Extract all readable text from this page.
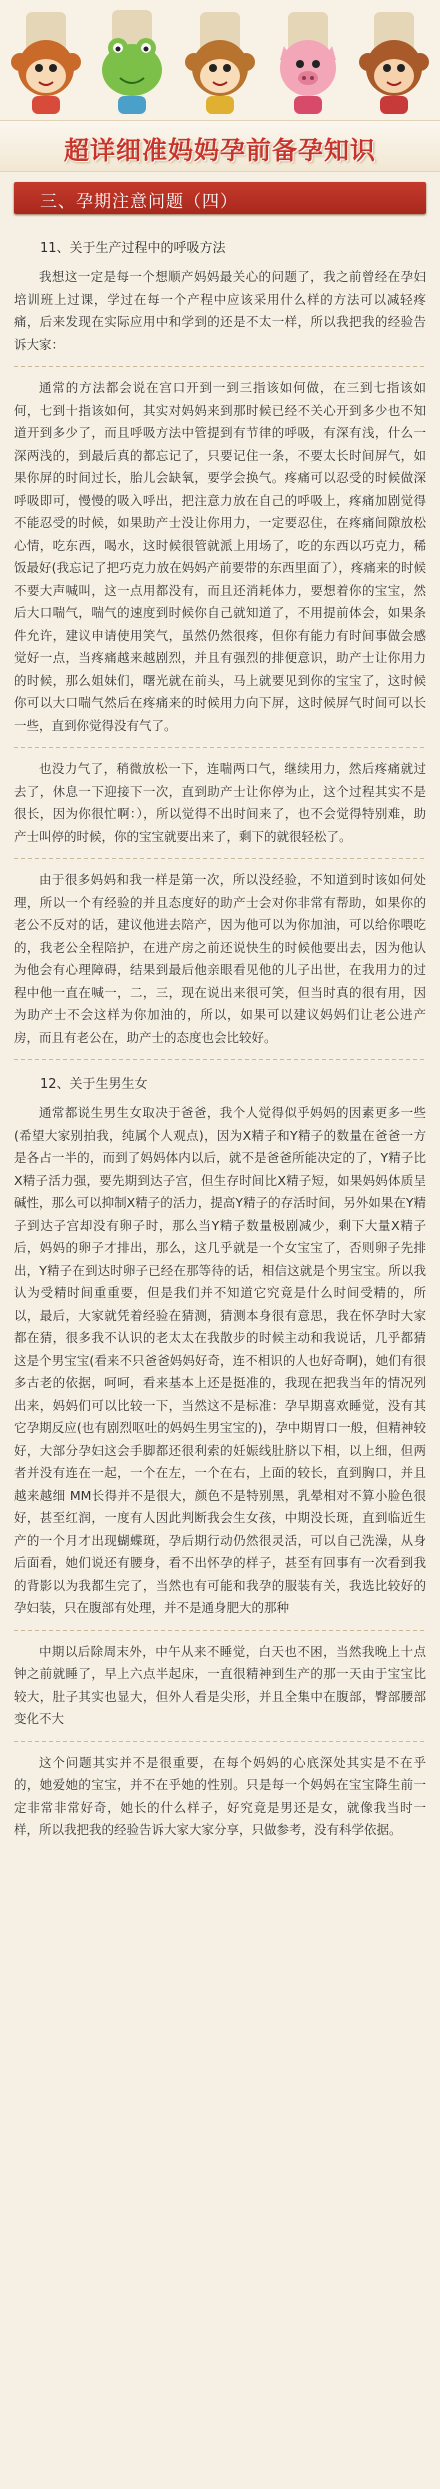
超详细准妈妈孕前备孕知识
三、孕期注意问题（四）
11、关于生产过程中的呼吸方法

我想这一定是每一个想顺产妈妈最关心的问题了，我之前曾经在孕妇培训班上过课，学过在每一个产程中应该采用什么样的方法可以减轻疼痛，后来发现在实际应用中和学到的还是不太一样，所以我把我的经验告诉大家：

通常的方法都会说在宫口开到一到三指该如何做，在三到七指该如何，七到十指该如何，其实对妈妈来到那时候已经不关心开到多少也不知道开到多少了，而且呼吸方法中管提到有节律的呼吸，有深有浅，什么一深两浅的，到最后真的都忘记了，只要记住一条，不要太长时间屏气，如果你屏的时间过长，胎儿会缺氧，要学会换气。疼痛可以忍受的时候做深呼吸即可，慢慢的吸入呼出，把注意力放在自己的呼吸上，疼痛加剧觉得不能忍受的时候，如果助产士没让你用力，一定要忍住，在疼痛间隙放松心情，吃东西，喝水，这时候很管就派上用场了，吃的东西以巧克力，稀饭最好(我忘记了把巧克力放在妈妈产前要带的东西里面了），疼痛来的时候不要大声喊叫，这一点用都没有，而且还消耗体力，要想着你的宝宝，然后大口喘气，喘气的速度到时候你自己就知道了，不用提前体会，如果条件允许，建议申请使用笑气，虽然仍然很疼，但你有能力有时间事做会感觉好一点，当疼痛越来越剧烈，并且有强烈的排便意识，助产士让你用力的时候，那么姐妹们，曙光就在前头，马上就要见到你的宝宝了，这时候你可以大口喘气然后在疼痛来的时候用力向下屏，这时候屏气时间可以长一些，直到你觉得没有气了。

也没力气了，稍微放松一下，连喘两口气，继续用力，然后疼痛就过去了，休息一下迎接下一次，直到助产士让你停为止，这个过程其实不是很长，因为你很忙啊：），所以觉得不出时间来了，也不会觉得特别难，助产士叫停的时候，你的宝宝就要出来了，剩下的就很轻松了。

由于很多妈妈和我一样是第一次，所以没经验，不知道到时该如何处理，所以一个有经验的并且态度好的助产士会对你非常有帮助，如果你的老公不反对的话，建议他进去陪产，因为他可以为你加油，可以给你喂吃的，我老公全程陪护，在进产房之前还说快生的时候他要出去，因为他认为他会有心理障碍，结果到最后他亲眼看见他的儿子出世，在我用力的过程中他一直在喊一，二，三，现在说出来很可笑，但当时真的很有用，因为助产士不会这样为你加油的，所以，如果可以建议妈妈们让老公进产房，而且有老公在，助产士的态度也会比较好。

12、关于生男生女

通常都说生男生女取决于爸爸，我个人觉得似乎妈妈的因素更多一些(希望大家别拍我，纯属个人观点)，因为X精子和Y精子的数量在爸爸一方是各占一半的，而到了妈妈体内以后，就不是爸爸所能决定的了，Y精子比X精子活力强，要先期到达子宫，但生存时间比X精子短，如果妈妈体质呈碱性，那么可以抑制X精子的活力，提高Y精子的存活时间，另外如果在Y精子到达子宫却没有卵子时，那么当Y精子数量极剧减少，剩下大量X精子后，妈妈的卵子才排出，那么，这几乎就是一个女宝宝了，否则卵子先排出，Y精子在到达时卵子已经在那等待的话，相信这就是个男宝宝。所以我认为受精时间重重要，但是我们并不知道它究竟是什么时间受精的，所以，最后，大家就凭着经验在猜测，猜测本身很有意思，我在怀孕时大家都在猜，很多我不认识的老太太在我散步的时候主动和我说话，几乎都猜这是个男宝宝(看来不只爸爸妈妈好奇，连不相识的人也好奇啊)，她们有很多古老的依据，呵呵，看来基本上还是挺准的，我现在把我当年的情况列出来，妈妈们可以比较一下，当然这不是标准：孕早期喜欢睡觉，没有其它孕期反应(也有剧烈呕吐的妈妈生男宝宝的)，孕中期胃口一般，但精神较好，大部分孕妇这会手脚都还很利索的妊娠线肚脐以下相，以上细，但两者并没有连在一起，一个在左，一个在右，上面的较长，直到胸口，并且越来越细 MM长得并不是很大，颜色不是特别黑，乳晕相对不算小脸色很好，甚至红润，一度有人因此判断我会生女孩，中期没长斑，直到临近生产的一个月才出现蝴蝶斑，孕后期行动仍然很灵活，可以自己洗澡，从身后面看，她们说还有腰身，看不出怀孕的样子，甚至有回事有一次看到我的背影以为我都生完了，当然也有可能和我孕的服装有关，我选比较好的孕妇装，只在腹部有处理，并不是通身肥大的那种

中期以后除周末外，中午从来不睡觉，白天也不困，当然我晚上十点钟之前就睡了，早上六点半起床，一直很精神到生产的那一天由于宝宝比较大，肚子其实也显大，但外人看是尖形，并且全集中在腹部，臀部腰部变化不大

这个问题其实并不是很重要，在每个妈妈的心底深处其实是不在乎的，她爱她的宝宝，并不在乎她的性别。只是每一个妈妈在宝宝降生前一定非常非常好奇，她长的什么样子，好究竟是男还是女，就像我当时一样，所以我把我的经验告诉大家大家分享，只做参考，没有科学依据。
